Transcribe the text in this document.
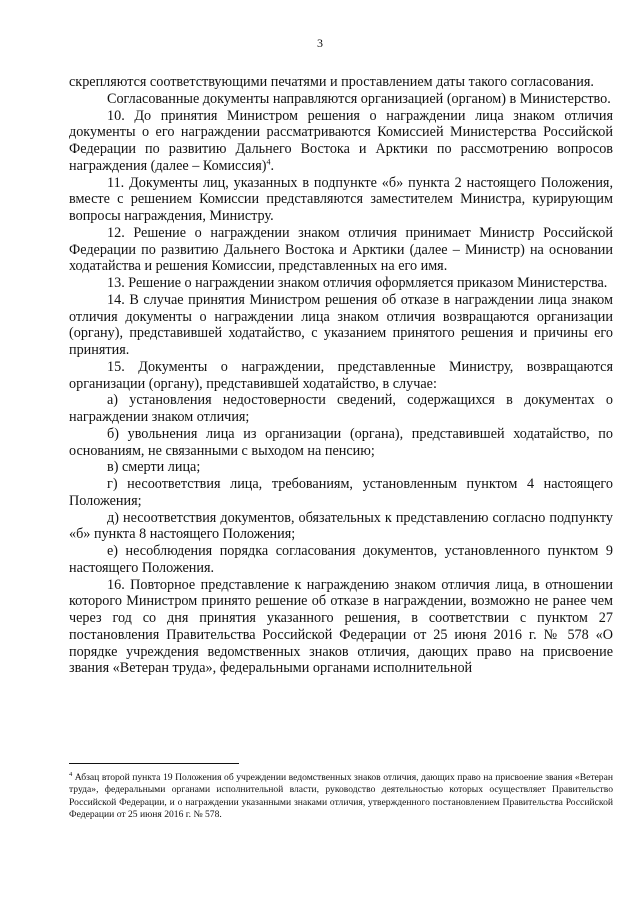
3

скрепляются соответствующими печатями и проставлением даты такого согласования.

Согласованные документы направляются организацией (органом) в Министерство.

10. До принятия Министром решения о награждении лица знаком отличия документы о его награждении рассматриваются Комиссией Министерства Российской Федерации по развитию Дальнего Востока и Арктики по рассмотрению вопросов награждения (далее – Комиссия)$^4$.

11. Документы лиц, указанных в подпункте «б» пункта 2 настоящего Положения, вместе с решением Комиссии представляются заместителем Министра, курирующим вопросы награждения, Министру.

12. Решение о награждении знаком отличия принимает Министр Российской Федерации по развитию Дальнего Востока и Арктики (далее – Министр) на основании ходатайства и решения Комиссии, представленных на его имя.

13. Решение о награждении знаком отличия оформляется приказом Министерства.

14. В случае принятия Министром решения об отказе в награждении лица знаком отличия документы о награждении лица знаком отличия возвращаются организации (органу), представившей ходатайство, с указанием принятого решения и причины его принятия.

15. Документы о награждении, представленные Министру, возвращаются организации (органу), представившей ходатайство, в случае:

а) установления недостоверности сведений, содержащихся в документах о награждении знаком отличия;

б) увольнения лица из организации (органа), представившей ходатайство, по основаниям, не связанными с выходом на пенсию;

в) смерти лица;

г) несоответствия лица, требованиям, установленным пунктом 4 настоящего Положения;

д) несоответствия документов, обязательных к представлению согласно подпункту «б» пункта 8 настоящего Положения;

е) несоблюдения порядка согласования документов, установленного пунктом 9 настоящего Положения.

16. Повторное представление к награждению знаком отличия лица, в отношении которого Министром принято решение об отказе в награждении, возможно не ранее чем через год со дня принятия указанного решения, в соответствии с пунктом 27 постановления Правительства Российской Федерации от 25 июня 2016 г. № 578 «О порядке учреждения ведомственных знаков отличия, дающих право на присвоение звания «Ветеран труда», федеральными органами исполнительной

$^4$ Абзац второй пункта 19 Положения об учреждении ведомственных знаков отличия, дающих право на присвоение звания «Ветеран труда», федеральными органами исполнительной власти, руководство деятельностью которых осуществляет Правительство Российской Федерации, и о награждении указанными знаками отличия, утвержденного постановлением Правительства Российской Федерации от 25 июня 2016 г. № 578.
